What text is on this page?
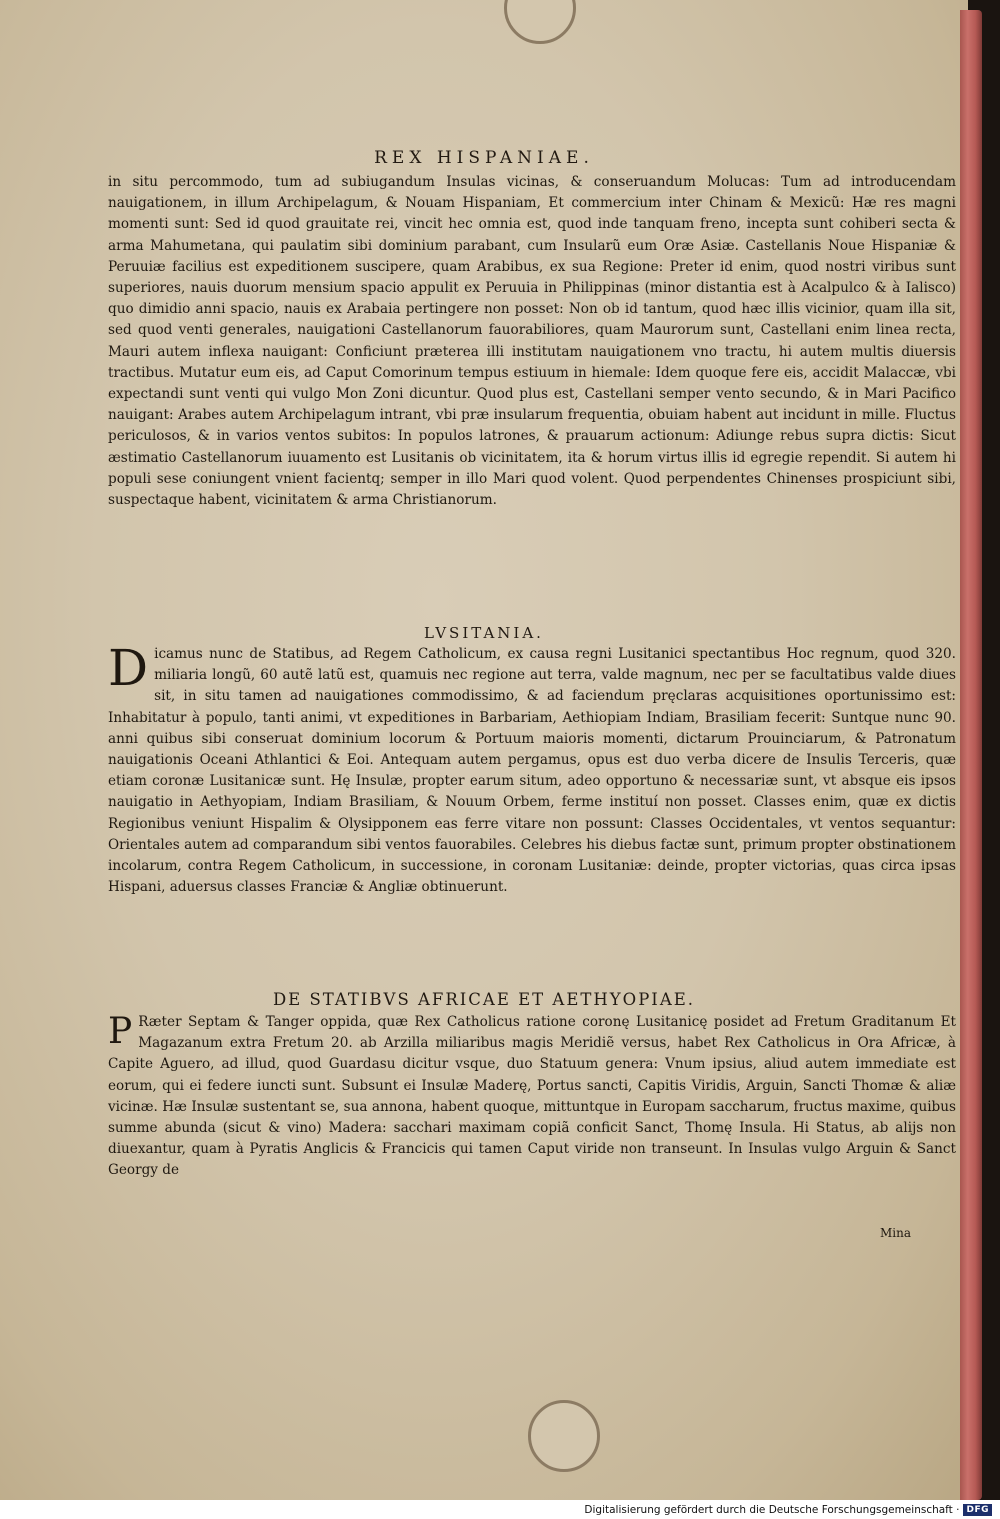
REX HISPANIAE.

in situ percommodo, tum ad subiugandum Insulas vicinas, & conseruandum Molucas: Tum ad introducendam nauigationem, in illum Archipelagum, & Nouam Hispaniam, Et commercium inter Chinam & Mexicũ: Hæ res magni momenti sunt: Sed id quod grauitate rei, vincit hec omnia est, quod inde tanquam freno, incepta sunt cohiberi secta & arma Mahumetana, qui paulatim sibi dominium parabant, cum Insularũ eum Oræ Asiæ. Castellanis Noue Hispaniæ & Peruuiæ facilius est expeditionem suscipere, quam Arabibus, ex sua Regione: Preter id enim, quod nostri viribus sunt superiores, nauis duorum mensium spacio appulit ex Peruuia in Philippinas (minor distantia est à Acalpulco & à Ialisco) quo dimidio anni spacio, nauis ex Arabaia pertingere non posset: Non ob id tantum, quod hæc illis vicinior, quam illa sit, sed quod venti generales, nauigationi Castellanorum fauorabiliores, quam Maurorum sunt, Castellani enim linea recta, Mauri autem inflexa nauigant: Conficiunt præterea illi institutam nauigationem vno tractu, hi autem multis diuersis tractibus. Mutatur eum eis, ad Caput Comorinum tempus estiuum in hiemale: Idem quoque fere eis, accidit Malaccæ, vbi expectandi sunt venti qui vulgo Mon Zoni dicuntur. Quod plus est, Castellani semper vento secundo, & in Mari Pacifico nauigant: Arabes autem Archipelagum intrant, vbi præ insularum frequentia, obuiam habent aut incidunt in mille. Fluctus periculosos, & in varios ventos subitos: In populos latrones, & prauarum actionum: Adiunge rebus supra dictis: Sicut æstimatio Castellanorum iuuamento est Lusitanis ob vicinitatem, ita & horum virtus illis id egregie rependit. Si autem hi populi sese coniungent vnient facientq; semper in illo Mari quod volent. Quod perpendentes Chinenses prospiciunt sibi, suspectaque habent, vicinitatem & arma Christianorum.

LVSITANIA.
D icamus nunc de Statibus, ad Regem Catholicum, ex causa regni Lusitanici spectantibus Hoc regnum, quod 320. miliaria longũ, 60 autẽ latũ est, quamuis nec regione aut terra, valde magnum, nec per se facultatibus valde diues sit, in situ tamen ad nauigationes commodissimo, & ad faciendum pręclaras acquisitiones oportunissimo est: Inhabitatur à populo, tanti animi, vt expeditiones in Barbariam, Aethiopiam Indiam, Brasiliam fecerit: Suntque nunc 90. anni quibus sibi conseruat dominium locorum & Portuum maioris momenti, dictarum Prouinciarum, & Patronatum nauigationis Oceani Athlantici & Eoi. Antequam autem pergamus, opus est duo verba dicere de Insulis Terceris, quæ etiam coronæ Lusitanicæ sunt. Hę Insulæ, propter earum situm, adeo opportuno & necessariæ sunt, vt absque eis ipsos nauigatio in Aethyopiam, Indiam Brasiliam, & Nouum Orbem, ferme instituí non posset. Classes enim, quæ ex dictis Regionibus veniunt Hispalim & Olysipponem eas ferre vitare non possunt: Classes Occidentales, vt ventos sequantur: Orientales autem ad comparandum sibi ventos fauorabiles. Celebres his diebus factæ sunt, primum propter obstinationem incolarum, contra Regem Catholicum, in successione, in coronam Lusitaniæ: deinde, propter victorias, quas circa ipsas Hispani, aduersus classes Franciæ & Angliæ obtinuerunt.

DE STATIBVS AFRICAE ET AETHYOPIAE.
P Ræter Septam & Tanger oppida, quæ Rex Catholicus ratione coronę Lusitanicę posidet ad Fretum Graditanum Et Magazanum extra Fretum 20. ab Arzilla miliaribus magis Meridiẽ versus, habet Rex Catholicus in Ora Africæ, à Capite Aguero, ad illud, quod Guardasu dicitur vsque, duo Statuum genera: Vnum ipsius, aliud autem immediate est eorum, qui ei federe iuncti sunt. Subsunt ei Insulæ Maderę, Portus sancti, Capitis Viridis, Arguin, Sancti Thomæ & aliæ vicinæ. Hæ Insulæ sustentant se, sua annona, habent quoque, mittuntque in Europam saccharum, fructus maxime, quibus summe abunda (sicut & vino) Madera: sacchari maximam copiã conficit Sanct, Thomę Insula. Hi Status, ab alijs non diuexantur, quam à Pyratis Anglicis & Francicis qui tamen Caput viride non transeunt. In Insulas vulgo Arguin & Sanct Georgy de

Mina
Digitalisierung gefördert durch die Deutsche Forschungsgemeinschaft · DFG
